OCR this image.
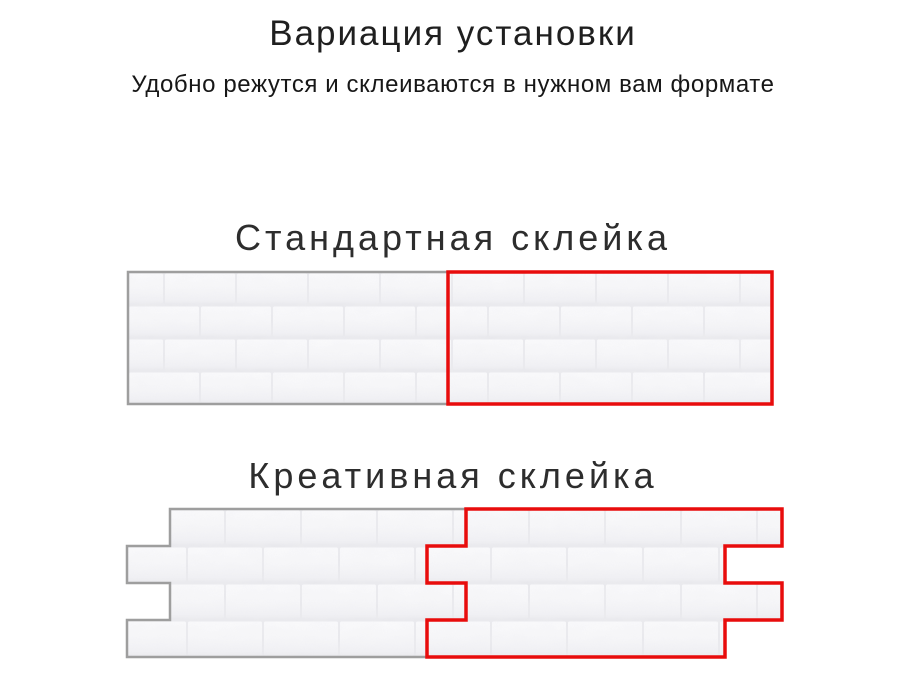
Вариация установки

Удобно режутся и склеиваются в нужном вам формате

Стандартная склейка
Креативная склейка
